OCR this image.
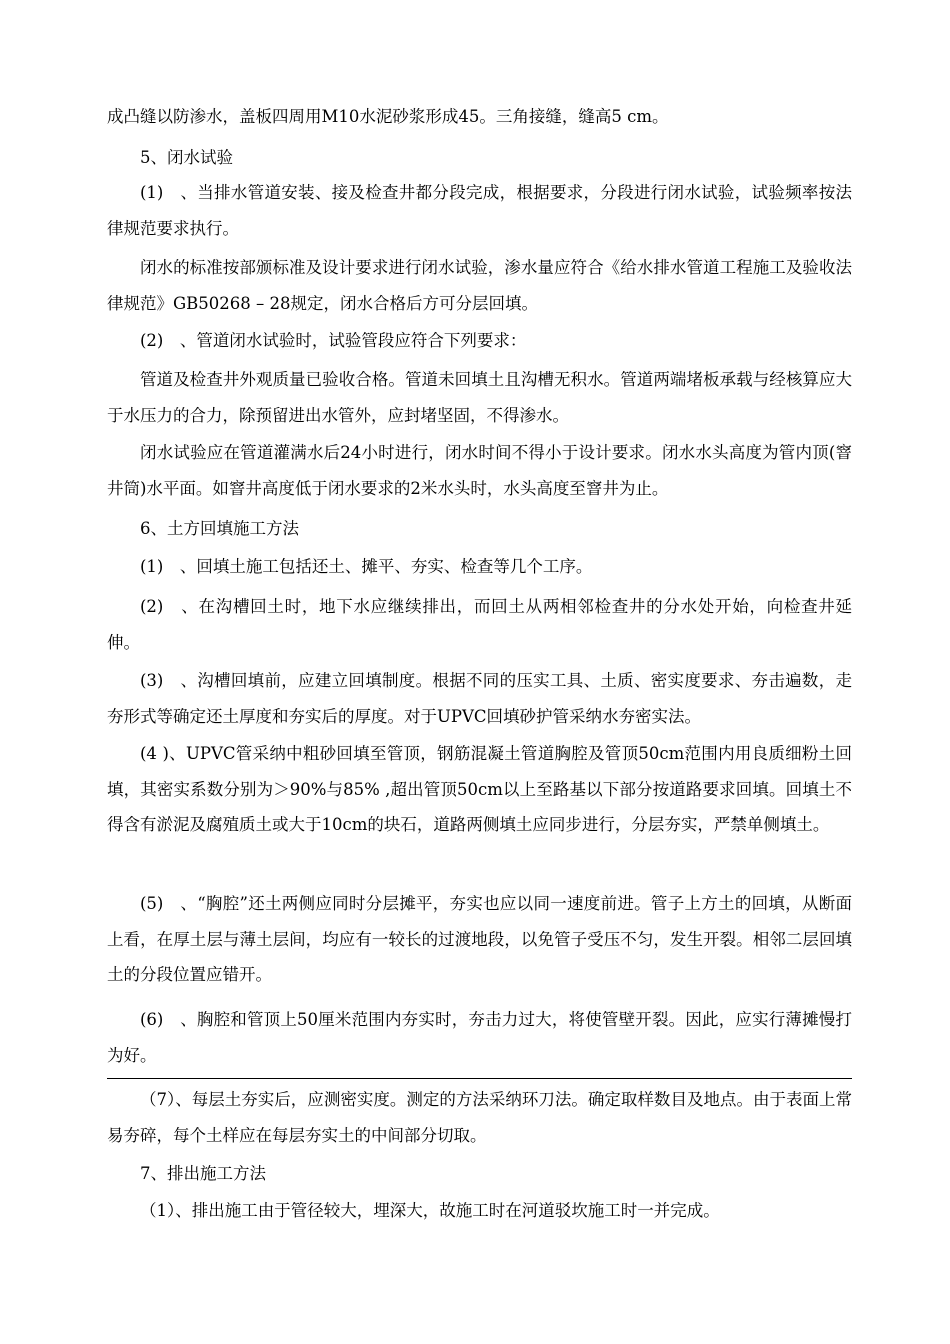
成凸缝以防渗水，盖板四周用M10水泥砂浆形成45。三角接缝，缝高5 cm。

5、闭水试验

(1)　、当排水管道安装、接及检查井都分段完成，根据要求，分段进行闭水试验，试验频率按法律规范要求执行。

闭水的标准按部颁标准及设计要求进行闭水试验，渗水量应符合《给水排水管道工程施工及验收法律规范》GB50268 – 28规定，闭水合格后方可分层回填。

(2)　、管道闭水试验时，试验管段应符合下列要求：

管道及检查井外观质量已验收合格。管道未回填土且沟槽无积水。管道两端堵板承载与经核算应大于水压力的合力，除预留进出水管外，应封堵坚固，不得渗水。

闭水试验应在管道灌满水后24小时进行，闭水时间不得小于设计要求。闭水水头高度为管内顶(窨井筒)水平面。如窨井高度低于闭水要求的2米水头时，水头高度至窨井为止。

6、土方回填施工方法

(1)　、回填土施工包括还土、摊平、夯实、检查等几个工序。

(2)　、在沟槽回土时，地下水应继续排出，而回土从两相邻检查井的分水处开始，向检查井延伸。

(3)　、沟槽回填前，应建立回填制度。根据不同的压实工具、土质、密实度要求、夯击遍数，走夯形式等确定还土厚度和夯实后的厚度。对于UPVC回填砂护管采纳水夯密实法。

(4 )、UPVC管采纳中粗砂回填至管顶，钢筋混凝土管道胸腔及管顶50cm范围内用良质细粉土回填，其密实系数分别为＞90%与85% ,超出管顶50cm以上至路基以下部分按道路要求回填。回填土不得含有淤泥及腐殖质土或大于10cm的块石，道路两侧填土应同步进行，分层夯实，严禁单侧填土。

(5)　、“胸腔”还土两侧应同时分层摊平，夯实也应以同一速度前进。管子上方土的回填，从断面上看，在厚土层与薄土层间，均应有一较长的过渡地段，以免管子受压不匀，发生开裂。相邻二层回填土的分段位置应错开。

(6)　、胸腔和管顶上50厘米范围内夯实时，夯击力过大，将使管壁开裂。因此，应实行薄摊慢打为好。

（7）、每层土夯实后，应测密实度。测定的方法采纳环刀法。确定取样数目及地点。由于表面上常易夯碎，每个土样应在每层夯实土的中间部分切取。

7、排出施工方法

（1）、排出施工由于管径较大，埋深大，故施工时在河道驳坎施工时一并完成。
